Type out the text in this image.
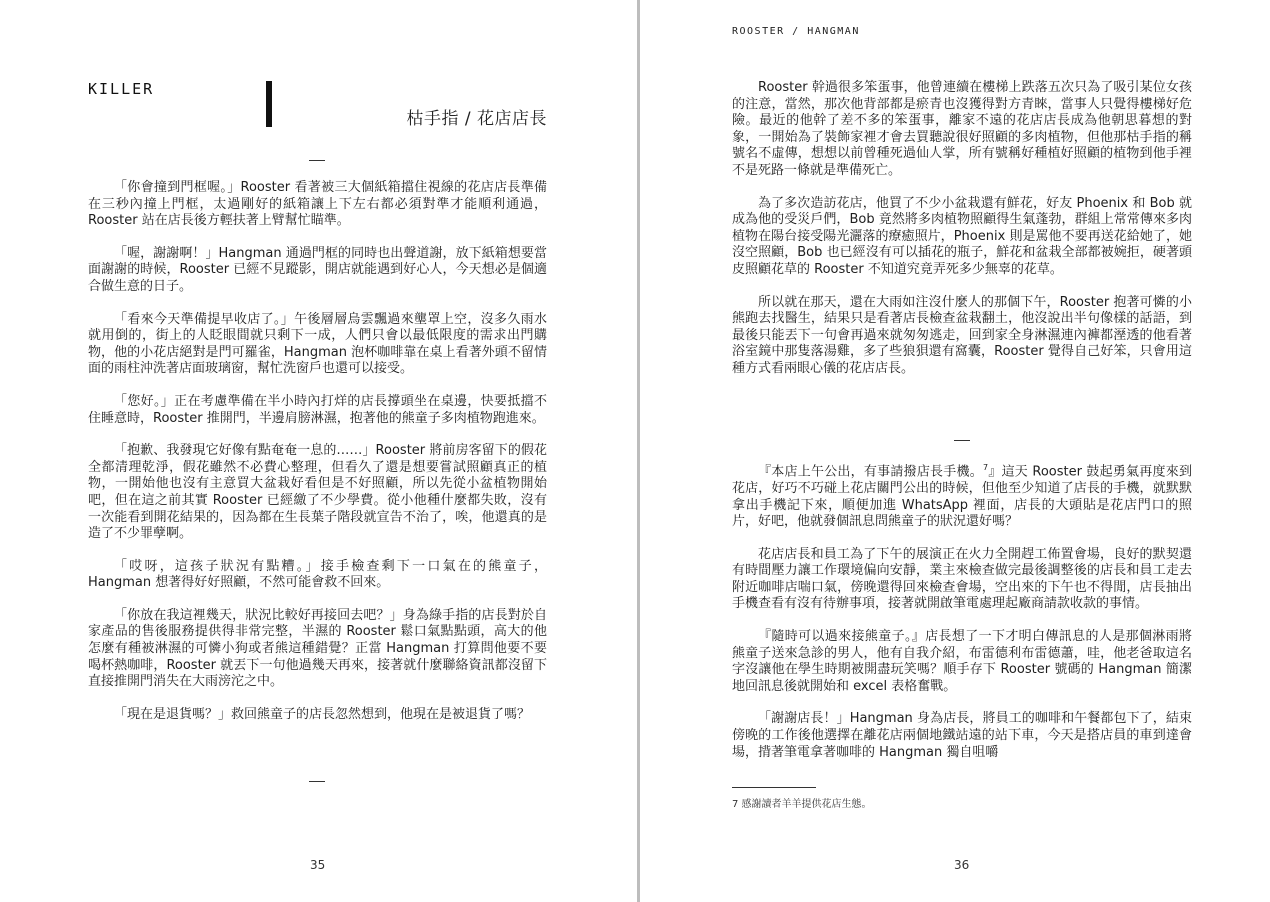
KILLER
枯手指 / 花店店長

「你會撞到門框喔。」Rooster 看著被三大個紙箱擋住視線的花店店長準備在三秒內撞上門框，太過剛好的紙箱讓上下左右都必須對準才能順利通過，Rooster 站在店長後方輕扶著上臂幫忙瞄準。

「喔，謝謝啊！」Hangman 通過門框的同時也出聲道謝，放下紙箱想要當面謝謝的時候，Rooster 已經不見蹤影，開店就能遇到好心人，今天想必是個適合做生意的日子。

「看來今天準備提早收店了。」午後層層烏雲飄過來壟罩上空，沒多久雨水就用倒的，街上的人眨眼間就只剩下一成，人們只會以最低限度的需求出門購物，他的小花店絕對是門可羅雀，Hangman 泡杯咖啡靠在桌上看著外頭不留情面的雨柱沖洗著店面玻璃窗，幫忙洗窗戶也還可以接受。

「您好。」正在考慮準備在半小時內打烊的店長撐頭坐在桌邊，快要抵擋不住睡意時，Rooster 推開門，半邊肩膀淋濕，抱著他的熊童子多肉植物跑進來。

「抱歉、我發現它好像有點奄奄一息的……」Rooster 將前房客留下的假花全都清理乾淨，假花雖然不必費心整理，但看久了還是想要嘗試照顧真正的植物，一開始他也沒有主意買大盆栽好看但是不好照顧，所以先從小盆植物開始吧，但在這之前其實 Rooster 已經繳了不少學費。從小他種什麼都失敗，沒有一次能看到開花結果的，因為都在生長葉子階段就宣告不治了，唉，他還真的是造了不少罪孽啊。

「哎呀，這孩子狀況有點糟。」接手檢查剩下一口氣在的熊童子，Hangman 想著得好好照顧，不然可能會救不回來。

「你放在我這裡幾天，狀況比較好再接回去吧？」身為綠手指的店長對於自家產品的售後服務提供得非常完整，半濕的 Rooster 鬆口氣點點頭，高大的他怎麼有種被淋濕的可憐小狗或者熊這種錯覺？正當 Hangman 打算問他要不要喝杯熱咖啡，Rooster 就丟下一句他過幾天再來，接著就什麼聯絡資訊都沒留下直接推開門消失在大雨滂沱之中。

「現在是退貨嗎？」救回熊童子的店長忽然想到，他現在是被退貨了嗎？

35
ROOSTER / HANGMAN

Rooster 幹過很多笨蛋事，他曾連續在樓梯上跌落五次只為了吸引某位女孩的注意，當然，那次他背部都是瘀青也沒獲得對方青睞，當事人只覺得樓梯好危險。最近的他幹了差不多的笨蛋事，離家不遠的花店店長成為他朝思暮想的對象，一開始為了裝飾家裡才會去買聽說很好照顧的多肉植物，但他那枯手指的稱號名不虛傳，想想以前曾種死過仙人掌，所有號稱好種植好照顧的植物到他手裡不是死路一條就是準備死亡。

為了多次造訪花店，他買了不少小盆栽還有鮮花，好友 Phoenix 和 Bob 就成為他的受災戶們，Bob 竟然將多肉植物照顧得生氣蓬勃，群組上常常傳來多肉植物在陽台接受陽光灑落的療癒照片，Phoenix 則是罵他不要再送花給她了，她沒空照顧，Bob 也已經沒有可以插花的瓶子，鮮花和盆栽全部都被婉拒，硬著頭皮照顧花草的 Rooster 不知道究竟弄死多少無辜的花草。

所以就在那天，還在大雨如注沒什麼人的那個下午，Rooster 抱著可憐的小熊跑去找醫生，結果只是看著店長檢查盆栽翻土，他沒說出半句像樣的話語，到最後只能丟下一句會再過來就匆匆逃走，回到家全身淋濕連內褲都溼透的他看著浴室鏡中那隻落湯雞，多了些狼狽還有窩囊，Rooster 覺得自己好笨，只會用這種方式看兩眼心儀的花店店長。

『本店上午公出，有事請撥店長手機。$^7$』這天 Rooster 鼓起勇氣再度來到花店，好巧不巧碰上花店關門公出的時候，但他至少知道了店長的手機，就默默拿出手機記下來，順便加進 WhatsApp 裡面，店長的大頭貼是花店門口的照片，好吧，他就發個訊息問熊童子的狀況還好嗎？

花店店長和員工為了下午的展演正在火力全開趕工佈置會場，良好的默契還有時間壓力讓工作環境偏向安靜，業主來檢查做完最後調整後的店長和員工走去附近咖啡店喘口氣，傍晚還得回來檢查會場，空出來的下午也不得閒，店長抽出手機查看有沒有待辦事項，接著就開啟筆電處理起廠商請款收款的事情。

『隨時可以過來接熊童子。』店長想了一下才明白傳訊息的人是那個淋雨將熊童子送來急診的男人，他有自我介紹，布雷德利布雷德蕭，哇，他老爸取這名字沒讓他在學生時期被開盡玩笑嗎？順手存下 Rooster 號碼的 Hangman 簡潔地回訊息後就開始和 excel 表格奮戰。

「謝謝店長！」Hangman 身為店長，將員工的咖啡和午餐都包下了，結束傍晚的工作後他選擇在離花店兩個地鐵站遠的站下車，今天是搭店員的車到達會場，揹著筆電拿著咖啡的 Hangman 獨自咀嚼

7 感謝讀者羊羊提供花店生態。
36
